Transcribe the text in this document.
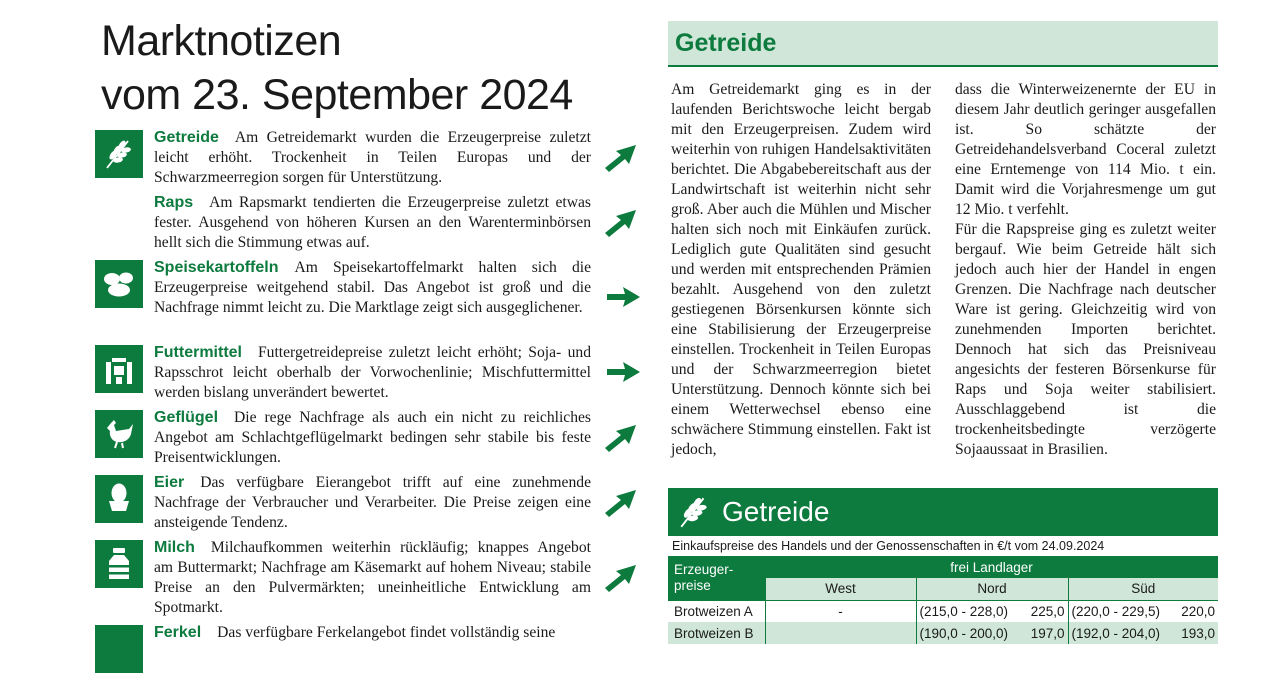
Marktnotizen
vom 23. September 2024
Getreide Am Getreidemarkt wurden die Erzeugerpreise zuletzt leicht erhöht. Trockenheit in Teilen Europas und der Schwarzmeerregion sorgen für Unterstützung.
Raps Am Rapsmarkt tendierten die Erzeugerpreise zuletzt etwas fester. Ausgehend von höheren Kursen an den Warenterminbörsen hellt sich die Stimmung etwas auf.
Speisekartoffeln Am Speisekartoffelmarkt halten sich die Erzeugerpreise weitgehend stabil. Das Angebot ist groß und die Nachfrage nimmt leicht zu. Die Marktlage zeigt sich ausgeglichener.
Futtermittel Futtergetreidepreise zuletzt leicht erhöht; Soja- und Rapsschrot leicht oberhalb der Vorwochenlinie; Mischfuttermittel werden bislang unverändert bewertet.
Geflügel Die rege Nachfrage als auch ein nicht zu reichliches Angebot am Schlachtgeflügelmarkt bedingen sehr stabile bis feste Preisentwicklungen.
Eier Das verfügbare Eierangebot trifft auf eine zunehmende Nachfrage der Verbraucher und Verarbeiter. Die Preise zeigen eine ansteigende Tendenz.
Milch Milchaufkommen weiterhin rückläufig; knappes Angebot am Buttermarkt; Nachfrage am Käsemarkt auf hohem Niveau; stabile Preise an den Pulvermärkten; uneinheitliche Entwicklung am Spotmarkt.
Ferkel Das verfügbare Ferkelangebot findet vollständig seine
Getreide
Am Getreidemarkt ging es in der laufenden Berichtswoche leicht bergab mit den Erzeugerpreisen. Zudem wird weiterhin von ruhigen Handelsaktivitäten berichtet. Die Abgabebereitschaft aus der Landwirtschaft ist weiterhin nicht sehr groß. Aber auch die Mühlen und Mischer halten sich noch mit Einkäufen zurück. Lediglich gute Qualitäten sind gesucht und werden mit entsprechenden Prämien bezahlt. Ausgehend von den zuletzt gestiegenen Börsenkursen könnte sich eine Stabilisierung der Erzeugerpreise einstellen. Trockenheit in Teilen Europas und der Schwarzmeerregion bietet Unterstützung. Dennoch könnte sich bei einem Wetterwechsel ebenso eine schwächere Stimmung einstellen. Fakt ist jedoch,
dass die Winterweizenernte der EU in diesem Jahr deutlich geringer ausgefallen ist. So schätzte der Getreidehandelsverband Coceral zuletzt eine Erntemenge von 114 Mio. t ein. Damit wird die Vorjahresmenge um gut 12 Mio. t verfehlt.
Für die Rapspreise ging es zuletzt weiter bergauf. Wie beim Getreide hält sich jedoch auch hier der Handel in engen Grenzen. Die Nachfrage nach deutscher Ware ist gering. Gleichzeitig wird von zunehmenden Importen berichtet. Dennoch hat sich das Preisniveau angesichts der festeren Börsenkurse für Raps und Soja weiter stabilisiert. Ausschlaggebend ist die trockenheitsbedingte verzögerte Sojaaussaat in Brasilien.
Getreide
Einkaufspreise des Handels und der Genossenschaften in €/t vom 24.09.2024
Erzeuger-preise	frei Landlager		
	West	Nord	Süd
Brotweizen A	-	(215,0 - 228,0) 225,0	(220,0 - 229,5) 220,0

Brotweizen B		(190,0 - 200,0) 197,0	(192,0 - 204,0) 193,0
